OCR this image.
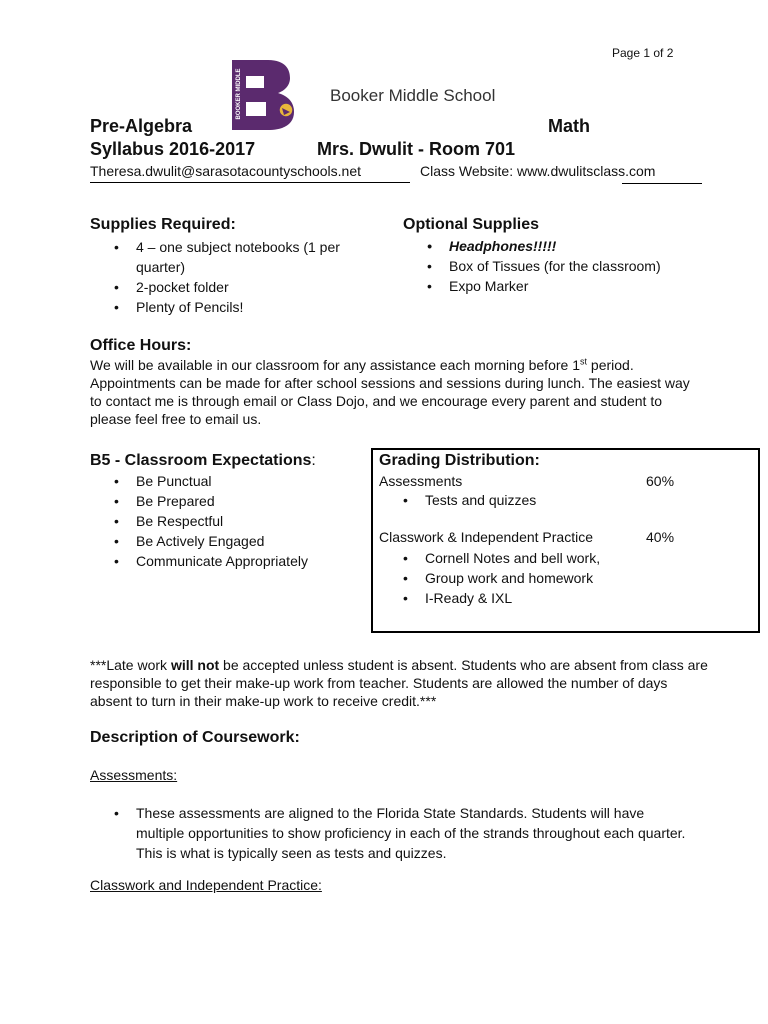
Page 1 of 2
BOOKER MIDDLE	Booker Middle School
Pre-Algebra	Math
Syllabus 2016-2017	Mrs. Dwulit - Room 701
Theresa.dwulit@sarasotacountyschools.net	Class Website: www.dwulitsclass.com
Supplies Required:
• 4 – one subject notebooks (1 per quarter)
• 2-pocket folder
• Plenty of Pencils!
Optional Supplies
• Headphones!!!!!
• Box of Tissues (for the classroom)
• Expo Marker
Office Hours:
We will be available in our classroom for any assistance each morning before 1st period. Appointments can be made for after school sessions and sessions during lunch. The easiest way to contact me is through email or Class Dojo, and we encourage every parent and student to please feel free to email us.
B5 - Classroom Expectations:
• Be Punctual
• Be Prepared
• Be Respectful
• Be Actively Engaged
• Communicate Appropriately
Grading Distribution:
Assessments	60%
• Tests and quizzes
Classwork & Independent Practice	40%
• Cornell Notes and bell work,
• Group work and homework
• I-Ready & IXL
***Late work will not be accepted unless student is absent. Students who are absent from class are responsible to get their make-up work from teacher. Students are allowed the number of days absent to turn in their make-up work to receive credit.***
Description of Coursework:
Assessments:
• These assessments are aligned to the Florida State Standards. Students will have multiple opportunities to show proficiency in each of the strands throughout each quarter. This is what is typically seen as tests and quizzes.
Classwork and Independent Practice:
